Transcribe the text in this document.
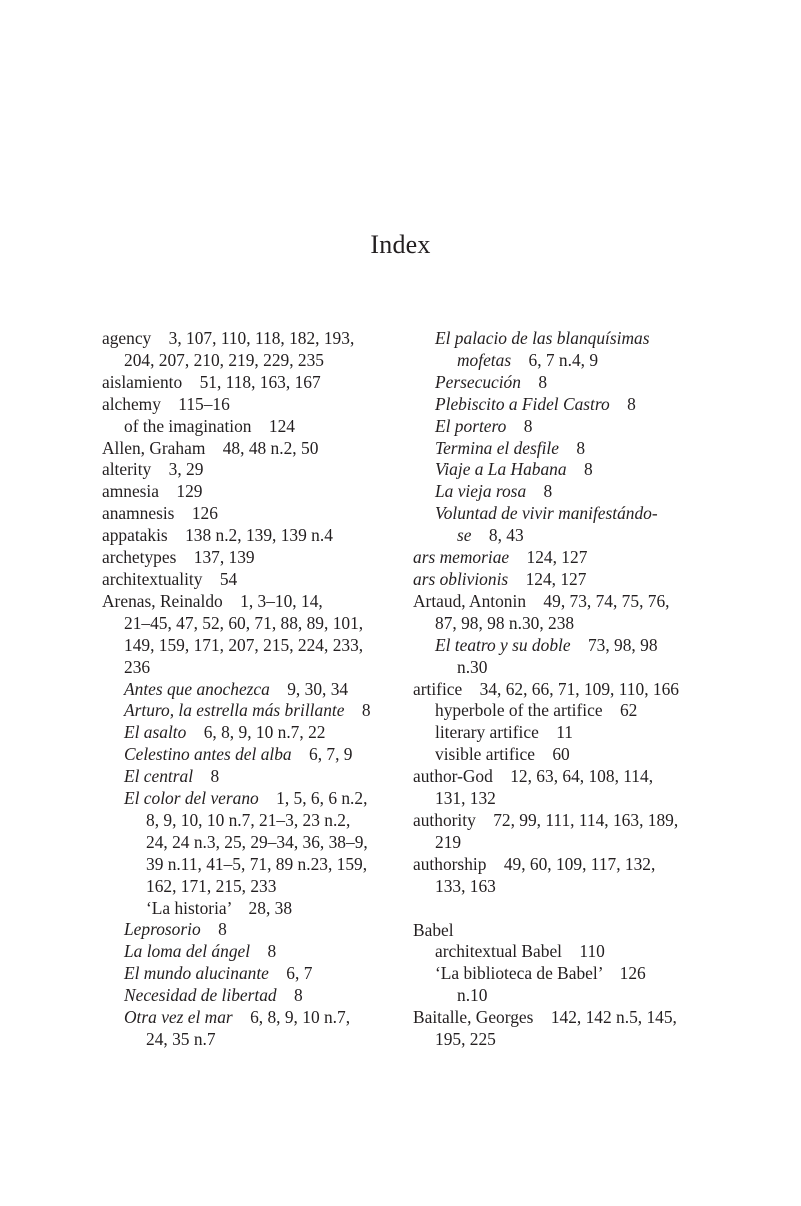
Index
agency    3, 107, 110, 118, 182, 193,
204, 207, 210, 219, 229, 235
aislamiento    51, 118, 163, 167
alchemy    115–16
of the imagination    124
Allen, Graham    48, 48 n.2, 50
alterity    3, 29
amnesia    129
anamnesis    126
appatakis    138 n.2, 139, 139 n.4
archetypes    137, 139
architextuality    54
Arenas, Reinaldo    1, 3–10, 14,
21–45, 47, 52, 60, 71, 88, 89, 101,
149, 159, 171, 207, 215, 224, 233,
236
Antes que anochezca    9, 30, 34
Arturo, la estrella más brillante    8
El asalto    6, 8, 9, 10 n.7, 22
Celestino antes del alba    6, 7, 9
El central    8
El color del verano    1, 5, 6, 6 n.2,
8, 9, 10, 10 n.7, 21–3, 23 n.2,
24, 24 n.3, 25, 29–34, 36, 38–9,
39 n.11, 41–5, 71, 89 n.23, 159,
162, 171, 215, 233
‘La historia’    28, 38
Leprosorio    8
La loma del ángel    8
El mundo alucinante    6, 7
Necesidad de libertad    8
Otra vez el mar    6, 8, 9, 10 n.7,
24, 35 n.7
El palacio de las blanquísimas
mofetas    6, 7 n.4, 9
Persecución    8
Plebiscito a Fidel Castro    8
El portero    8
Termina el desfile    8
Viaje a La Habana    8
La vieja rosa    8
Voluntad de vivir manifestándo-
se    8, 43
ars memoriae    124, 127
ars oblivionis    124, 127
Artaud, Antonin    49, 73, 74, 75, 76,
87, 98, 98 n.30, 238
El teatro y su doble    73, 98, 98
n.30
artifice    34, 62, 66, 71, 109, 110, 166
hyperbole of the artifice    62
literary artifice    11
visible artifice    60
author-God    12, 63, 64, 108, 114,
131, 132
authority    72, 99, 111, 114, 163, 189,
219
authorship    49, 60, 109, 117, 132,
133, 163
Babel
architextual Babel    110
‘La biblioteca de Babel’    126
n.10
Baitalle, Georges    142, 142 n.5, 145,
195, 225
